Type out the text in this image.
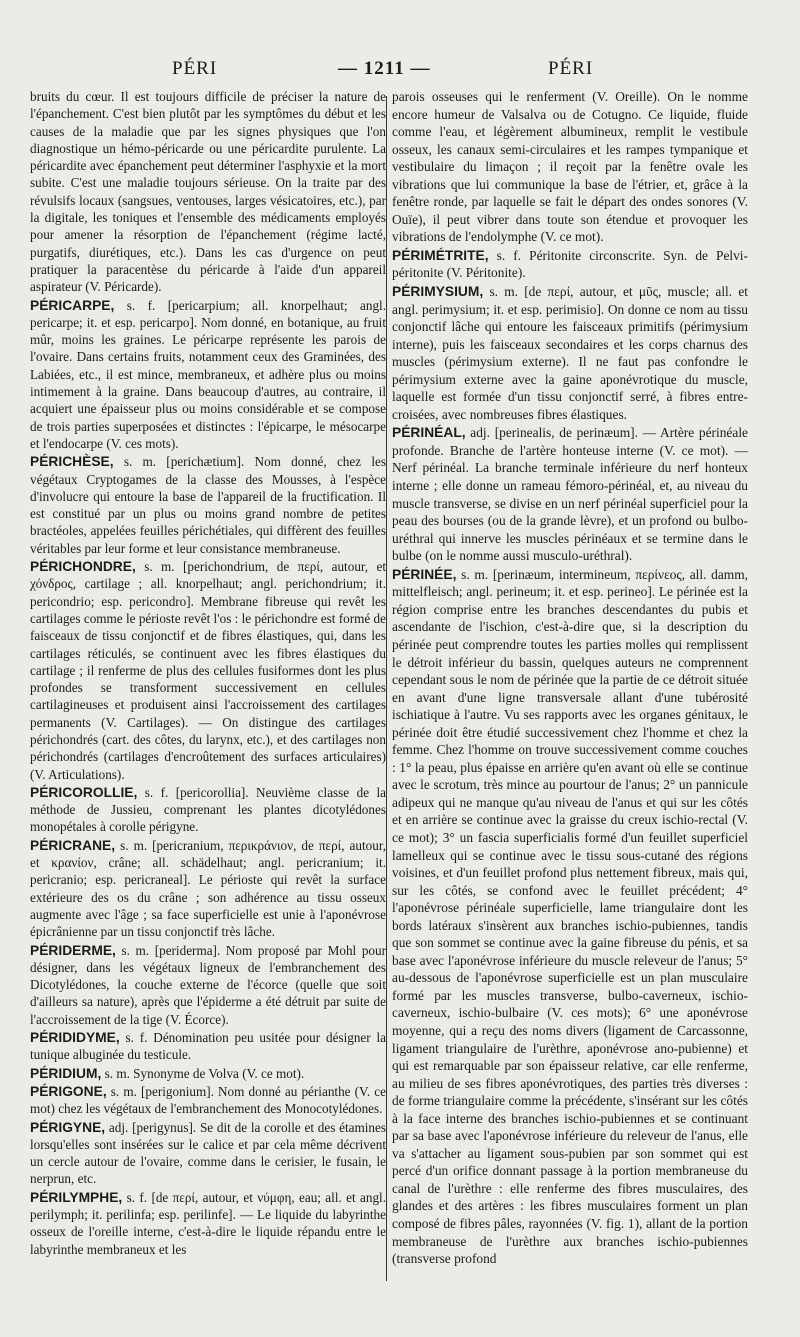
PÉRI	— 1211 —	PÉRI

bruits du cœur. Il est toujours difficile de préciser la nature de l'épanchement. C'est bien plutôt par les symptômes du début et les causes de la maladie que par les signes physiques que l'on diagnostique un hémo-péricarde ou une péricardite purulente. La péricardite avec épanchement peut déterminer l'asphyxie et la mort subite. C'est une maladie toujours sérieuse. On la traite par des révulsifs locaux (sangsues, ventouses, larges vésicatoires, etc.), par la digitale, les toniques et l'ensemble des médicaments employés pour amener la résorption de l'épanchement (régime lacté, purgatifs, diurétiques, etc.). Dans les cas d'urgence on peut pratiquer la paracentèse du péricarde à l'aide d'un appareil aspirateur (V. Péricarde).

PÉRICARPE, s. f. [pericarpium; all. knorpelhaut; angl. pericarpe; it. et esp. pericarpo]. Nom donné, en botanique, au fruit mûr, moins les graines. Le péricarpe représente les parois de l'ovaire. Dans certains fruits, notamment ceux des Graminées, des Labiées, etc., il est mince, membraneux, et adhère plus ou moins intimement à la graine. Dans beaucoup d'autres, au contraire, il acquiert une épaisseur plus ou moins considérable et se compose de trois parties superposées et distinctes : l'épicarpe, le mésocarpe et l'endocarpe (V. ces mots).

PÉRICHÈSE, s. m. [perichætium]. Nom donné, chez les végétaux Cryptogames de la classe des Mousses, à l'espèce d'involucre qui entoure la base de l'appareil de la fructification. Il est constitué par un plus ou moins grand nombre de petites bractéoles, appelées feuilles périchétiales, qui diffèrent des feuilles véritables par leur forme et leur consistance membraneuse.

PÉRICHONDRE, s. m. [perichondrium, de περί, autour, et χόνδρος, cartilage ; all. knorpelhaut; angl. perichondrium; it. pericondrio; esp. pericondro]. Membrane fibreuse qui revêt les cartilages comme le périoste revêt l'os : le périchondre est formé de faisceaux de tissu conjonctif et de fibres élastiques, qui, dans les cartilages réticulés, se continuent avec les fibres élastiques du cartilage ; il renferme de plus des cellules fusiformes dont les plus profondes se transforment successivement en cellules cartilagineuses et produisent ainsi l'accroissement des cartilages permanents (V. Cartilages). — On distingue des cartilages périchondrés (cart. des côtes, du larynx, etc.), et des cartilages non périchondrés (cartilages d'encroûtement des surfaces articulaires) (V. Articulations).

PÉRICOROLLIE, s. f. [pericorollia]. Neuvième classe de la méthode de Jussieu, comprenant les plantes dicotylédones monopétales à corolle périgyne.

PÉRICRANE, s. m. [pericranium, περικράνιον, de περί, autour, et κρανίον, crâne; all. schädelhaut; angl. pericranium; it. pericranio; esp. pericraneal]. Le périoste qui revêt la surface extérieure des os du crâne ; son adhérence au tissu osseux augmente avec l'âge ; sa face superficielle est unie à l'aponévrose épicrânienne par un tissu conjonctif très lâche.

PÉRIDERME, s. m. [periderma]. Nom proposé par Mohl pour désigner, dans les végétaux ligneux de l'embranchement des Dicotylédones, la couche externe de l'écorce (quelle que soit d'ailleurs sa nature), après que l'épiderme a été détruit par suite de l'accroissement de la tige (V. Écorce).

PÉRIDIDYME, s. f. Dénomination peu usitée pour désigner la tunique albuginée du testicule.

PÉRIDIUM, s. m. Synonyme de Volva (V. ce mot).

PÉRIGONE, s. m. [perigonium]. Nom donné au périanthe (V. ce mot) chez les végétaux de l'embranchement des Monocotylédones.

PÉRIGYNE, adj. [perigynus]. Se dit de la corolle et des étamines lorsqu'elles sont insérées sur le calice et par cela même décrivent un cercle autour de l'ovaire, comme dans le cerisier, le fusain, le nerprun, etc.

PÉRILYMPHE, s. f. [de περί, autour, et νύμφη, eau; all. et angl. perilymph; it. perilinfa; esp. perilinfe]. — Le liquide du labyrinthe osseux de l'oreille interne, c'est-à-dire le liquide répandu entre le labyrinthe membraneux et les

parois osseuses qui le renferment (V. Oreille). On le nomme encore humeur de Valsalva ou de Cotugno. Ce liquide, fluide comme l'eau, et légèrement albumineux, remplit le vestibule osseux, les canaux semi-circulaires et les rampes tympanique et vestibulaire du limaçon ; il reçoit par la fenêtre ovale les vibrations que lui communique la base de l'étrier, et, grâce à la fenêtre ronde, par laquelle se fait le départ des ondes sonores (V. Ouïe), il peut vibrer dans toute son étendue et provoquer les vibrations de l'endolymphe (V. ce mot).

PÉRIMÉTRITE, s. f. Péritonite circonscrite. Syn. de Pelvi-péritonite (V. Péritonite).

PÉRIMYSIUM, s. m. [de περί, autour, et μῦς, muscle; all. et angl. perimysium; it. et esp. perimisio]. On donne ce nom au tissu conjonctif lâche qui entoure les faisceaux primitifs (périmysium interne), puis les faisceaux secondaires et les corps charnus des muscles (périmysium externe). Il ne faut pas confondre le périmysium externe avec la gaine aponévrotique du muscle, laquelle est formée d'un tissu conjonctif serré, à fibres entre-croisées, avec nombreuses fibres élastiques.

PÉRINÉAL, adj. [perinealis, de perinæum]. — Artère périnéale profonde. Branche de l'artère honteuse interne (V. ce mot). — Nerf périnéal. La branche terminale inférieure du nerf honteux interne ; elle donne un rameau fémoro-périnéal, et, au niveau du muscle transverse, se divise en un nerf périnéal superficiel pour la peau des bourses (ou de la grande lèvre), et un profond ou bulbo-uréthral qui innerve les muscles périnéaux et se termine dans le bulbe (on le nomme aussi musculo-uréthral).

PÉRINÉE, s. m. [perinæum, intermineum, περίνεος, all. damm, mittelfleisch; angl. perineum; it. et esp. perineo]. Le périnée est la région comprise entre les branches descendantes du pubis et ascendante de l'ischion, c'est-à-dire que, si la description du périnée peut comprendre toutes les parties molles qui remplissent le détroit inférieur du bassin, quelques auteurs ne comprennent cependant sous le nom de périnée que la partie de ce détroit située en avant d'une ligne transversale allant d'une tubérosité ischiatique à l'autre. Vu ses rapports avec les organes génitaux, le périnée doit être étudié successivement chez l'homme et chez la femme. Chez l'homme on trouve successivement comme couches : 1° la peau, plus épaisse en arrière qu'en avant où elle se continue avec le scrotum, très mince au pourtour de l'anus; 2° un pannicule adipeux qui ne manque qu'au niveau de l'anus et qui sur les côtés et en arrière se continue avec la graisse du creux ischio-rectal (V. ce mot); 3° un fascia superficialis formé d'un feuillet superficiel lamelleux qui se continue avec le tissu sous-cutané des régions voisines, et d'un feuillet profond plus nettement fibreux, mais qui, sur les côtés, se confond avec le feuillet précédent; 4° l'aponévrose périnéale superficielle, lame triangulaire dont les bords latéraux s'insèrent aux branches ischio-pubiennes, tandis que son sommet se continue avec la gaine fibreuse du pénis, et sa base avec l'aponévrose inférieure du muscle releveur de l'anus; 5° au-dessous de l'aponévrose superficielle est un plan musculaire formé par les muscles transverse, bulbo-caverneux, ischio-caverneux, ischio-bulbaire (V. ces mots); 6° une aponévrose moyenne, qui a reçu des noms divers (ligament de Carcassonne, ligament triangulaire de l'urèthre, aponévrose ano-pubienne) et qui est remarquable par son épaisseur relative, car elle renferme, au milieu de ses fibres aponévrotiques, des parties très diverses : de forme triangulaire comme la précédente, s'insérant sur les côtés à la face interne des branches ischio-pubiennes et se continuant par sa base avec l'aponévrose inférieure du releveur de l'anus, elle va s'attacher au ligament sous-pubien par son sommet qui est percé d'un orifice donnant passage à la portion membraneuse du canal de l'urèthre : elle renferme des fibres musculaires, des glandes et des artères : les fibres musculaires forment un plan composé de fibres pâles, rayonnées (V. fig. 1), allant de la portion membraneuse de l'urèthre aux branches ischio-pubiennes (transverse profond
